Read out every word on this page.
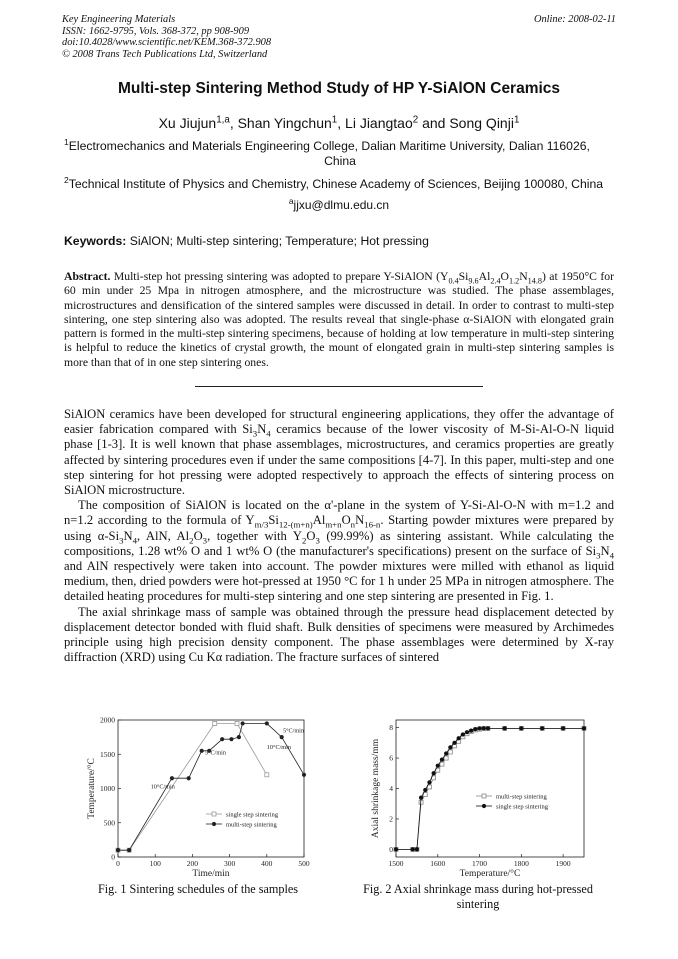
Key Engineering Materials
ISSN: 1662-9795, Vols. 368-372, pp 908-909
doi:10.4028/www.scientific.net/KEM.368-372.908
© 2008 Trans Tech Publications Ltd, Switzerland
Online: 2008-02-11
Multi-step Sintering Method Study of HP Y-SiAlON Ceramics
Xu Jiujun$^{1,a}$, Shan Yingchun$^1$, Li Jiangtao$^2$ and Song Qinji$^1$
$^1$Electromechanics and Materials Engineering College, Dalian Maritime University, Dalian 116026,
China
$^2$Technical Institute of Physics and Chemistry, Chinese Academy of Sciences, Beijing 100080, China
$^a$jjxu@dlmu.edu.cn
Keywords: SiAlON; Multi-step sintering; Temperature; Hot pressing
Abstract. Multi-step hot pressing sintering was adopted to prepare Y-SiAlON $(Y_{0.4}Si_{9.6}Al_{2.4}O_{1.2}N_{14.8})$ at 1950°C for 60 min under 25 Mpa in nitrogen atmosphere, and the microstructure was studied. The phase assemblages, microstructures and densification of the sintered samples were discussed in detail. In order to contrast to multi-step sintering, one step sintering also was adopted. The results reveal that single-phase α-SiAlON with elongated grain pattern is formed in the multi-step sintering specimens, because of holding at low temperature in multi-step sintering is helpful to reduce the kinetics of crystal growth, the mount of elongated grain in multi-step sintering samples is more than that of in one step sintering ones.

SiAlON ceramics have been developed for structural engineering applications, they offer the advantage of easier fabrication compared with $Si_3N_4$ ceramics because of the lower viscosity of M-Si-Al-O-N liquid phase [1-3]. It is well known that phase assemblages, microstructures, and ceramics properties are greatly affected by sintering procedures even if under the same compositions [4-7]. In this paper, multi-step and one step sintering for hot pressing were adopted respectively to approach the effects of sintering process on SiAlON microstructure.

The composition of SiAlON is located on the α'-plane in the system of Y-Si-Al-O-N with m=1.2 and n=1.2 according to the formula of $Y_{m/3}Si_{12-(m+n)}Al_{m+n}O_nN_{16-n}$. Starting powder mixtures were prepared by using $\alpha-Si_3N_4$, AlN, $Al_2O_3$, together with $Y_2O_3$ (99.99%) as sintering assistant. While calculating the compositions, 1.28 wt% O and 1 wt% O (the manufacturer's specifications) present on the surface of $Si_3N_4$ and AlN respectively were taken into account. The powder mixtures were milled with ethanol as liquid medium, then, dried powders were hot-pressed at 1950 °C for 1 h under 25 MPa in nitrogen atmosphere. The detailed heating procedures for multi-step sintering and one step sintering are presented in Fig. 1.

The axial shrinkage mass of sample was obtained through the pressure head displacement detected by displacement detector bonded with fluid shaft. Bulk densities of specimens were measured by Archimedes principle using high precision density component. The phase assemblages were determined by X-ray diffraction (XRD) using Cu Kα radiation. The fracture surfaces of sintered

0	100	200	300	400	500
0
500
1000
1500
2000
Time/min
Temperature/°C	single step sintering
multi-step sintering
10°C/min
5°C/min
5°C/min
10°C/min
1500	1600	1700	1800	1900
0
2
4
6
8
Temperature/°C
Axial shrinkage mass/mm	multi-step sintering
single step sintering
Fig. 1 Sintering schedules of the samples	Fig. 2 Axial shrinkage mass during hot-pressed sintering
